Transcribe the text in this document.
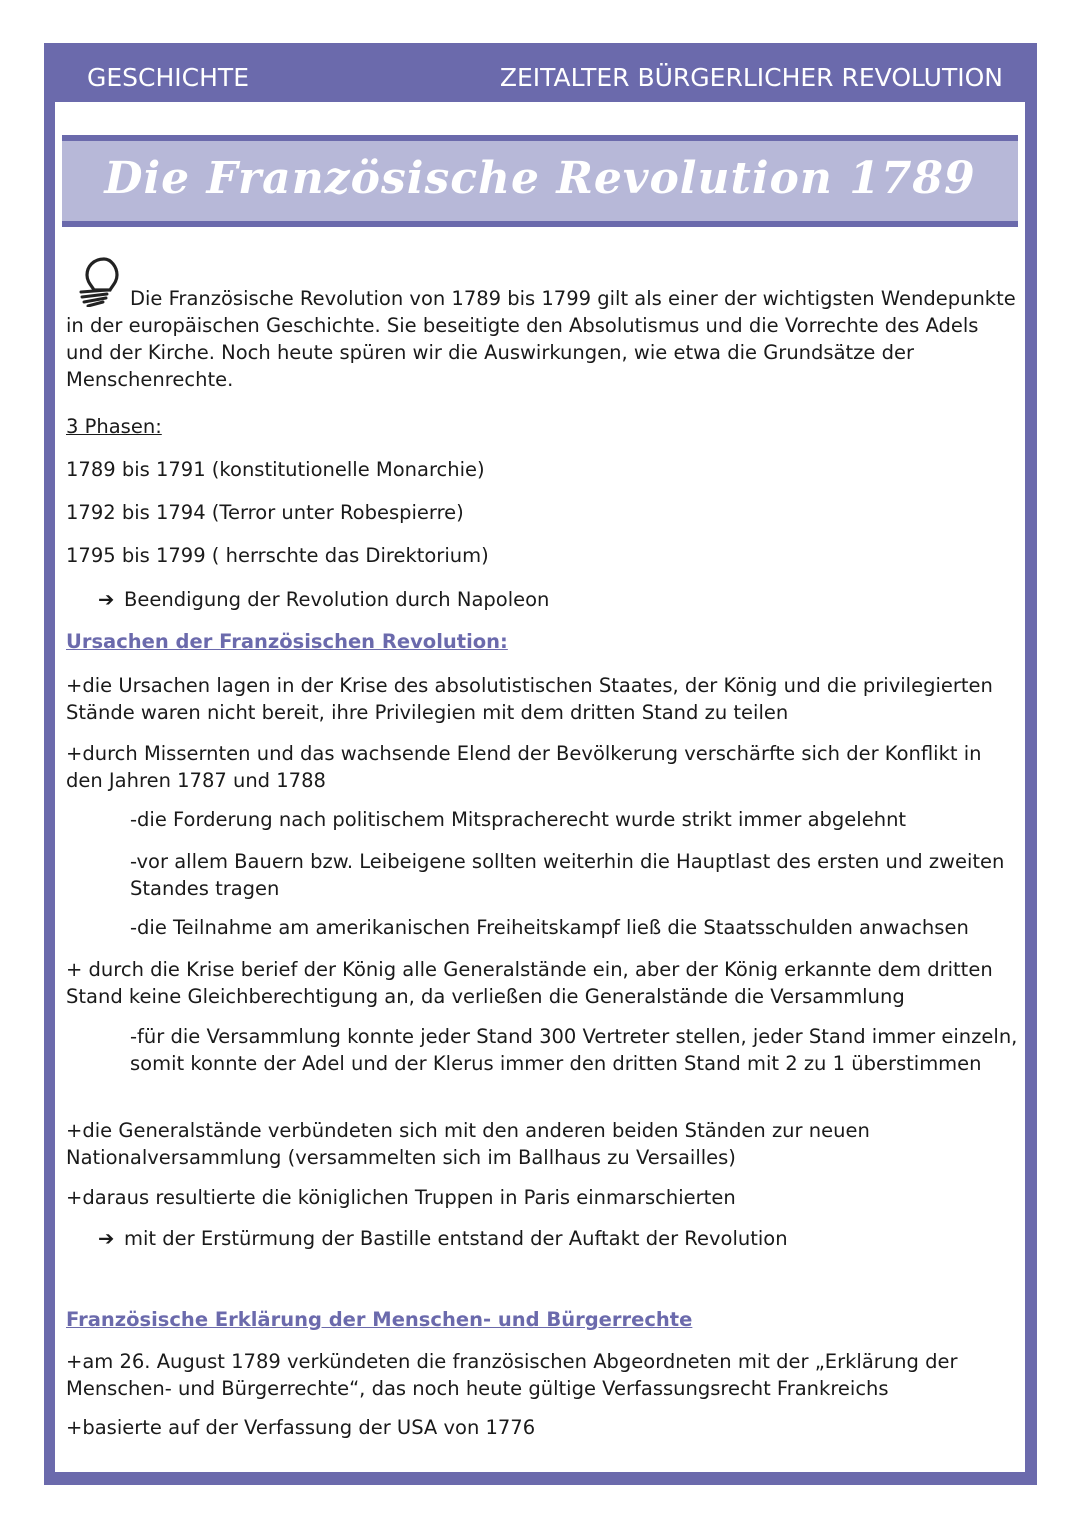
GESCHICHTE	ZEITALTER BÜRGERLICHER REVOLUTION
Die Französische Revolution 1789

Die Französische Revolution von 1789 bis 1799 gilt als einer der wichtigsten Wendepunkte in der europäischen Geschichte. Sie beseitigte den Absolutismus und die Vorrechte des Adels und der Kirche. Noch heute spüren wir die Auswirkungen, wie etwa die Grundsätze der Menschenrechte.

3 Phasen:

1789 bis 1791 (konstitutionelle Monarchie)

1792 bis 1794 (Terror unter Robespierre)

1795 bis 1799 ( herrschte das Direktorium)

➔ Beendigung der Revolution durch Napoleon

Ursachen der Französischen Revolution:

+die Ursachen lagen in der Krise des absolutistischen Staates, der König und die privilegierten Stände waren nicht bereit, ihre Privilegien mit dem dritten Stand zu teilen

+durch Missernten und das wachsende Elend der Bevölkerung verschärfte sich der Konflikt in den Jahren 1787 und 1788

-die Forderung nach politischem Mitspracherecht wurde strikt immer abgelehnt

-vor allem Bauern bzw. Leibeigene sollten weiterhin die Hauptlast des ersten und zweiten Standes tragen

-die Teilnahme am amerikanischen Freiheitskampf ließ die Staatsschulden anwachsen

+ durch die Krise berief der König alle Generalstände ein, aber der König erkannte dem dritten Stand keine Gleichberechtigung an, da verließen die Generalstände die Versammlung

-für die Versammlung konnte jeder Stand 300 Vertreter stellen, jeder Stand immer einzeln, somit konnte der Adel und der Klerus immer den dritten Stand mit 2 zu 1 überstimmen

+die Generalstände verbündeten sich mit den anderen beiden Ständen zur neuen Nationalversammlung (versammelten sich im Ballhaus zu Versailles)

+daraus resultierte die königlichen Truppen in Paris einmarschierten

➔ mit der Erstürmung der Bastille entstand der Auftakt der Revolution

Französische Erklärung der Menschen- und Bürgerrechte

+am 26. August 1789 verkündeten die französischen Abgeordneten mit der „Erklärung der Menschen- und Bürgerrechte“, das noch heute gültige Verfassungsrecht Frankreichs

+basierte auf der Verfassung der USA von 1776
